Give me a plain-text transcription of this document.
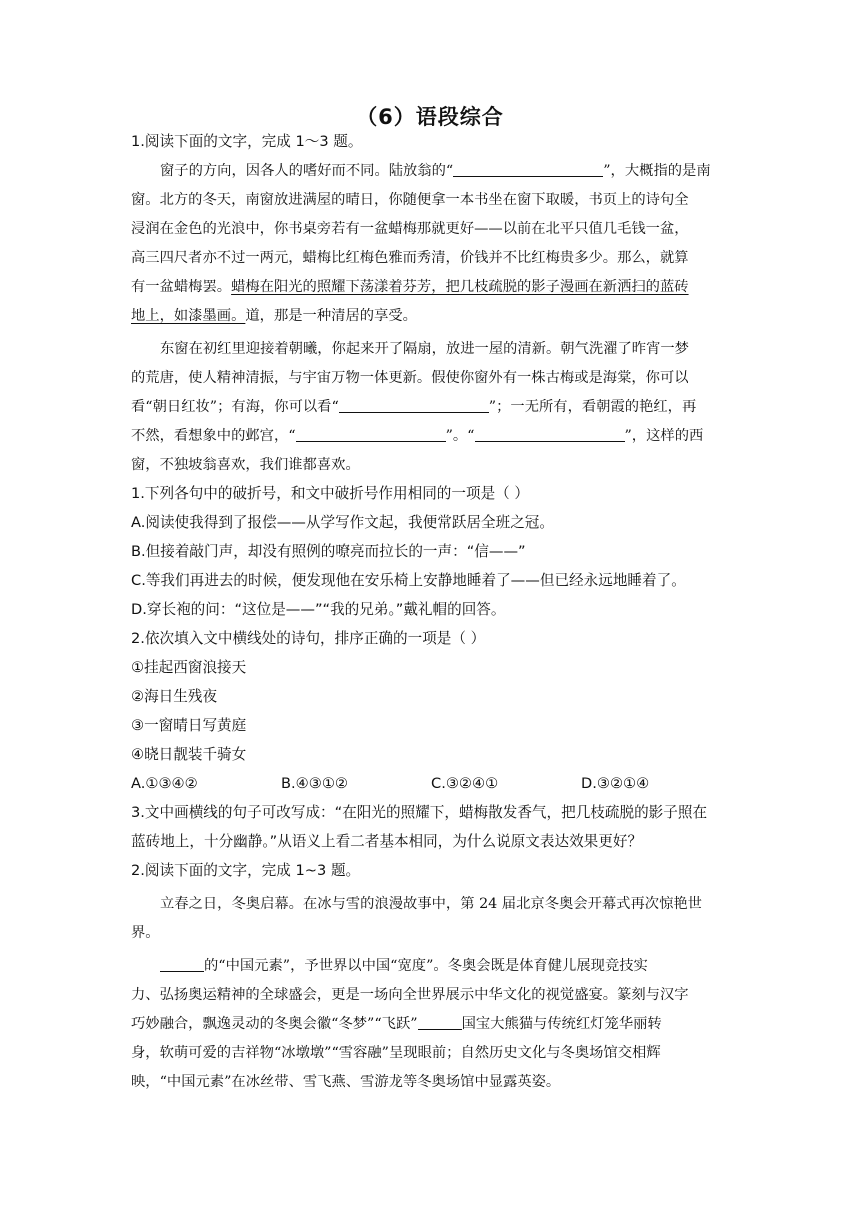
（6）语段综合
1.阅读下面的文字，完成 1～3 题。
窗子的方向，因各人的嗜好而不同。陆放翁的“	”，大概指的是南
窗。北方的冬天，南窗放进满屋的晴日，你随便拿一本书坐在窗下取暖，书页上的诗句全
浸润在金色的光浪中，你书桌旁若有一盆蜡梅那就更好——以前在北平只值几毛钱一盆，
高三四尺者亦不过一两元，蜡梅比红梅色雅而秀清，价钱并不比红梅贵多少。那么，就算
有一盆蜡梅罢。蜡梅在阳光的照耀下荡漾着芬芳，把几枝疏脱的影子漫画在新洒扫的蓝砖
地上，如漆墨画。道，那是一种清居的享受。
东窗在初红里迎接着朝曦，你起来开了隔扇，放进一屋的清新。朝气洗濯了昨宵一梦
的荒唐，使人精神清振，与宇宙万物一体更新。假使你窗外有一株古梅或是海棠，你可以
看“朝日红妆”；有海，你可以看“	”；一无所有，看朝霞的艳红，再
不然，看想象中的邺宫，“	”。“	”，这样的西
窗，不独坡翁喜欢，我们谁都喜欢。
1.下列各句中的破折号，和文中破折号作用相同的一项是（ ）
A.阅读使我得到了报偿——从学写作文起，我便常跃居全班之冠。
B.但接着敲门声，却没有照例的嘹亮而拉长的一声：“信——”
C.等我们再进去的时候，便发现他在安乐椅上安静地睡着了——但已经永远地睡着了。
D.穿长袍的问：“这位是——”“我的兄弟。”戴礼帽的回答。
2.依次填入文中横线处的诗句，排序正确的一项是（ ）
①挂起西窗浪接天
②海日生残夜
③一窗晴日写黄庭
④晓日靓装千骑女
A.①③④②	B.④③①②	C.③②④①	D.③②①④
3.文中画横线的句子可改写成：“在阳光的照耀下，蜡梅散发香气，把几枝疏脱的影子照在
蓝砖地上，十分幽静。”从语义上看二者基本相同，为什么说原文表达效果更好？
2.阅读下面的文字，完成 1~3 题。
立春之日，冬奥启幕。在冰与雪的浪漫故事中，第 24 届北京冬奥会开幕式再次惊艳世
界。
的“中国元素”，予世界以中国“宽度”。冬奥会既是体育健儿展现竞技实
力、弘扬奥运精神的全球盛会，更是一场向全世界展示中华文化的视觉盛宴。篆刻与汉字
巧妙融合，飘逸灵动的冬奥会徽“冬梦”“飞跃”	国宝大熊猫与传统红灯笼华丽转
身，软萌可爱的吉祥物“冰墩墩”“雪容融”呈现眼前；自然历史文化与冬奥场馆交相辉
映，“中国元素”在冰丝带、雪飞燕、雪游龙等冬奥场馆中显露英姿。
